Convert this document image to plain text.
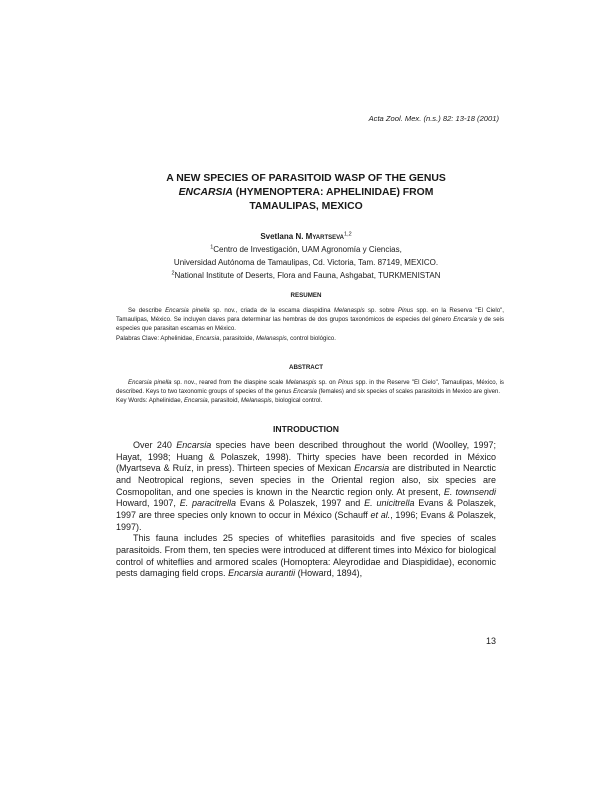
Acta Zool. Mex. (n.s.) 82: 13-18 (2001)
A NEW SPECIES OF PARASITOID WASP OF THE GENUS
ENCARSIA (HYMENOPTERA: APHELINIDAE) FROM
TAMAULIPAS, MEXICO
Svetlana N. Myartseva$^{1,2}$
$^1$Centro de Investigación, UAM Agronomía y Ciencias,
Universidad Autónoma de Tamaulipas, Cd. Victoria, Tam. 87149, MEXICO.
$^2$National Institute of Deserts, Flora and Fauna, Ashgabat, TURKMENISTAN
RESUMEN

Se describe Encarsia pinella sp. nov., criada de la escama diaspidina Melanaspis sp. sobre Pinus spp. en la Reserva "El Cielo", Tamaulipas, México. Se incluyen claves para determinar las hembras de dos grupos taxonómicos de especies del género Encarsia y de seis especies que parasitan escamas en México.

Palabras Clave: Aphelinidae, Encarsia, parasitoide, Melanaspis, control biológico.

ABSTRACT

Encarsia pinella sp. nov., reared from the diaspine scale Melanaspis sp. on Pinus spp. in the Reserve "El Cielo", Tamaulipas, México, is described. Keys to two taxonomic groups of species of the genus Encarsia (females) and six species of scales parasitoids in Mexico are given.

Key Words: Aphelinidae, Encarsia, parasitoid, Melanaspis, biological control.

INTRODUCTION

Over 240 Encarsia species have been described throughout the world (Woolley, 1997; Hayat, 1998; Huang & Polaszek, 1998). Thirty species have been recorded in México (Myartseva & Ruíz, in press). Thirteen species of Mexican Encarsia are distributed in Nearctic and Neotropical regions, seven species in the Oriental region also, six species are Cosmopolitan, and one species is known in the Nearctic region only. At present, E. townsendi Howard, 1907, E. paracitrella Evans & Polaszek, 1997 and E. unicitrella Evans & Polaszek, 1997 are three species only known to occur in México (Schauff et al., 1996; Evans & Polaszek, 1997).

This fauna includes 25 species of whiteflies parasitoids and five species of scales parasitoids. From them, ten species were introduced at different times into México for biological control of whiteflies and armored scales (Homoptera: Aleyrodidae and Diaspididae), economic pests damaging field crops. Encarsia aurantii (Howard, 1894),

13
